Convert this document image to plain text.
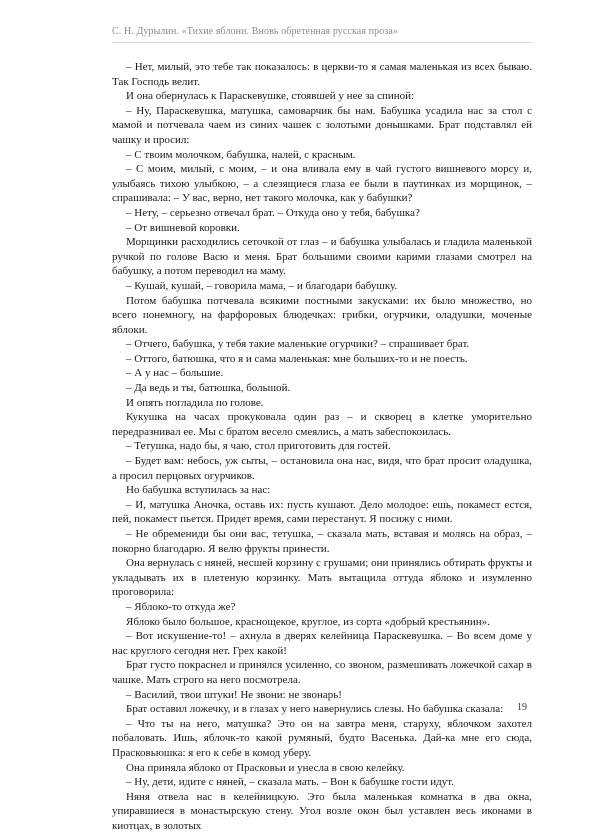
С. Н. Дурылин. «Тихие яблони. Вновь обретенная русская проза»

– Нет, милый, это тебе так показалось: в церкви-то я самая маленькая из всех бываю. Так Господь велит.

И она обернулась к Параскевушке, стоявшей у нее за спиной:

– Ну, Параскевушка, матушка, самоварчик бы нам. Бабушка усадила нас за стол с мамой и потчевала чаем из синих чашек с золотыми донышками. Брат подставлял ей чашку и просил:

– С твоим молочком, бабушка, налей, с красным.

– С моим, милый, с моим, – и она вливала ему в чай густого вишневого морсу и, улыбаясь тихою улыбкою, – а слезящиеся глаза ее были в паутинках из морщинок, – спрашивала: – У вас, верно, нет такого молочка, как у бабушки?

– Нету, – серьезно отвечал брат. – Откуда оно у тебя, бабушка?

– От вишневой коровки.

Морщинки расходились сеточкой от глаз – и бабушка улыбалась и гладила маленькой ручкой по голове Васю и меня. Брат большими своими карими глазами смотрел на бабушку, а потом переводил на маму.

– Кушай, кушай, – говорила мама, – и благодари бабушку.

Потом бабушка потчевала всякими постными закусками: их было множество, но всего понемногу, на фарфоровых блюдечках: грибки, огурчики, оладушки, моченые яблоки.

– Отчего, бабушка, у тебя такие маленькие огурчики? – спрашивает брат.

– Оттого, батюшка, что я и сама маленькая: мне больших-то и не поесть.

– А у нас – большие.

– Да ведь и ты, батюшка, большой.

И опять погладила по голове.

Кукушка на часах прокуковала один раз – и скворец в клетке уморительно передразнивал ее. Мы с братом весело смеялись, а мать забеспокоилась.

– Тетушка, надо бы, я чаю, стол приготовить для гостей.

– Будет вам: небось, уж сыты, – остановила она нас, видя, что брат просит оладушка, а просил перцовых огурчиков.

Но бабушка вступилась за нас:

– И, матушка Аночка, оставь их: пусть кушают. Дело молодое: ешь, покамест естся, пей, покамест пьется. Придет время, сами перестанут. Я посижу с ними.

– Не обремениди бы они вас, тетушка, – сказала мать, вставая и молясь на образ, – покорно благодарю. Я велю фрукты принести.

Она вернулась с няней, несшей корзину с грушами; они принялись обтирать фрукты и укладывать их в плетеную корзинку. Мать вытащила оттуда яблоко и изумленно проговорила:

– Яблоко-то откуда же?

Яблоко было большое, краснощекое, круглое, из сорта «добрый крестьянин».

– Вот искушение-то! – ахнула в дверях келейница Параскевушка. – Во всем доме у нас круглого сегодня нет. Грех какой!

Брат густо покраснел и принялся усиленно, со звоном, размешивать ложечкой сахар в чашке. Мать строго на него посмотрела.

– Василий, твои штуки! Не звони: не звонарь!

Брат оставил ложечку, и в глазах у него навернулись слезы. Но бабушка сказала:

– Что ты на него, матушка? Это он на завтра меня, старуху, яблочком захотел побаловать. Ишь, яблочк-то какой румяный, будто Васенька. Дай-ка мне его сюда, Прасковьюшка: я его к себе в комод уберу.

Она приняла яблоко от Прасковьи и унесла в свою келейку.

– Ну, дети, идите с няней, – сказала мать. – Вон к бабушке гости идут.

Няня отвела нас в келейницкую. Это была маленькая комнатка в два окна, упиравшиеся в монастырскую стену. Угол возле окон был уставлен весь иконами в киотцах, в золотых

19
